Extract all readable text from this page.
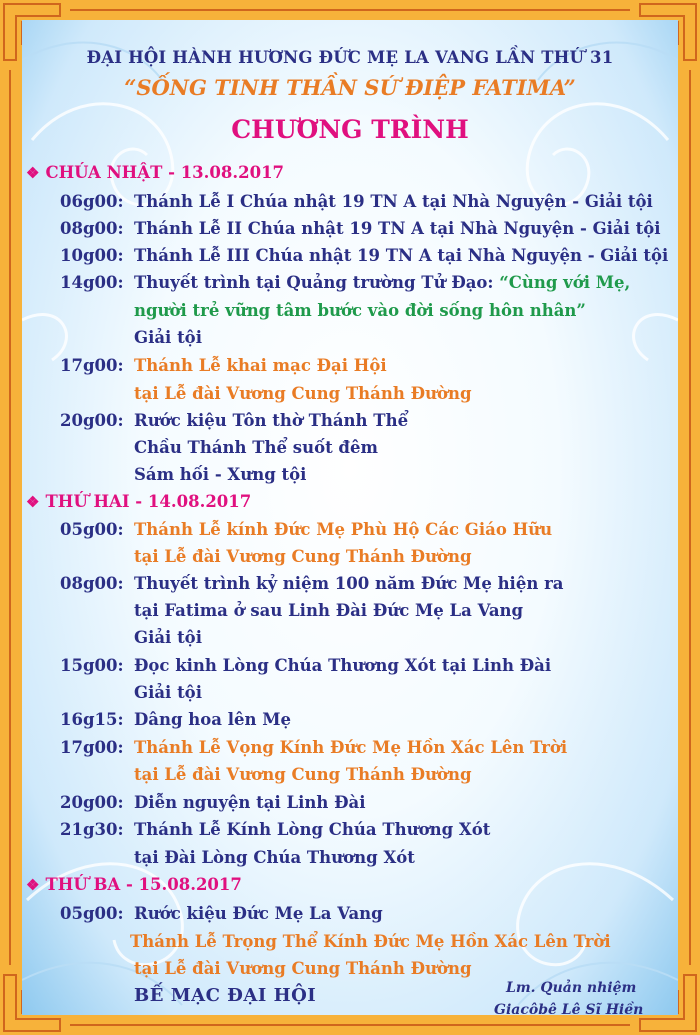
ĐẠI HỘI HÀNH HƯƠNG ĐỨC MẸ LA VANG LẦN THỨ 31
“SỐNG TINH THẦN SỨ ĐIỆP FATIMA”
CHƯƠNG TRÌNH
❖ CHÚA NHẬT - 13.08.2017
06g00: Thánh Lễ I Chúa nhật 19 TN A tại Nhà Nguyện - Giải tội
08g00: Thánh Lễ II Chúa nhật 19 TN A tại Nhà Nguyện - Giải tội
10g00: Thánh Lễ III Chúa nhật 19 TN A tại Nhà Nguyện - Giải tội
14g00: Thuyết trình tại Quảng trường Tử Đạo: “Cùng với Mẹ,
người trẻ vững tâm bước vào đời sống hôn nhân”
Giải tội
17g00: Thánh Lễ khai mạc Đại Hội
tại Lễ đài Vương Cung Thánh Đường
20g00: Rước kiệu Tôn thờ Thánh Thể
Chầu Thánh Thể suốt đêm
Sám hối - Xưng tội
❖ THỨ HAI - 14.08.2017
05g00: Thánh Lễ kính Đức Mẹ Phù Hộ Các Giáo Hữu
tại Lễ đài Vương Cung Thánh Đường
08g00: Thuyết trình kỷ niệm 100 năm Đức Mẹ hiện ra
tại Fatima ở sau Linh Đài Đức Mẹ La Vang
Giải tội
15g00: Đọc kinh Lòng Chúa Thương Xót tại Linh Đài
Giải tội
16g15: Dâng hoa lên Mẹ
17g00: Thánh Lễ Vọng Kính Đức Mẹ Hồn Xác Lên Trời
tại Lễ đài Vương Cung Thánh Đường
20g00: Diễn nguyện tại Linh Đài
21g30: Thánh Lễ Kính Lòng Chúa Thương Xót
tại Đài Lòng Chúa Thương Xót
❖ THỨ BA - 15.08.2017
05g00: Rước kiệu Đức Mẹ La Vang
Thánh Lễ Trọng Thể Kính Đức Mẹ Hồn Xác Lên Trời
tại Lễ đài Vương Cung Thánh Đường
BẾ MẠC ĐẠI HỘI	Lm. Quản nhiệm
Giacôbê Lê Sĩ Hiền
